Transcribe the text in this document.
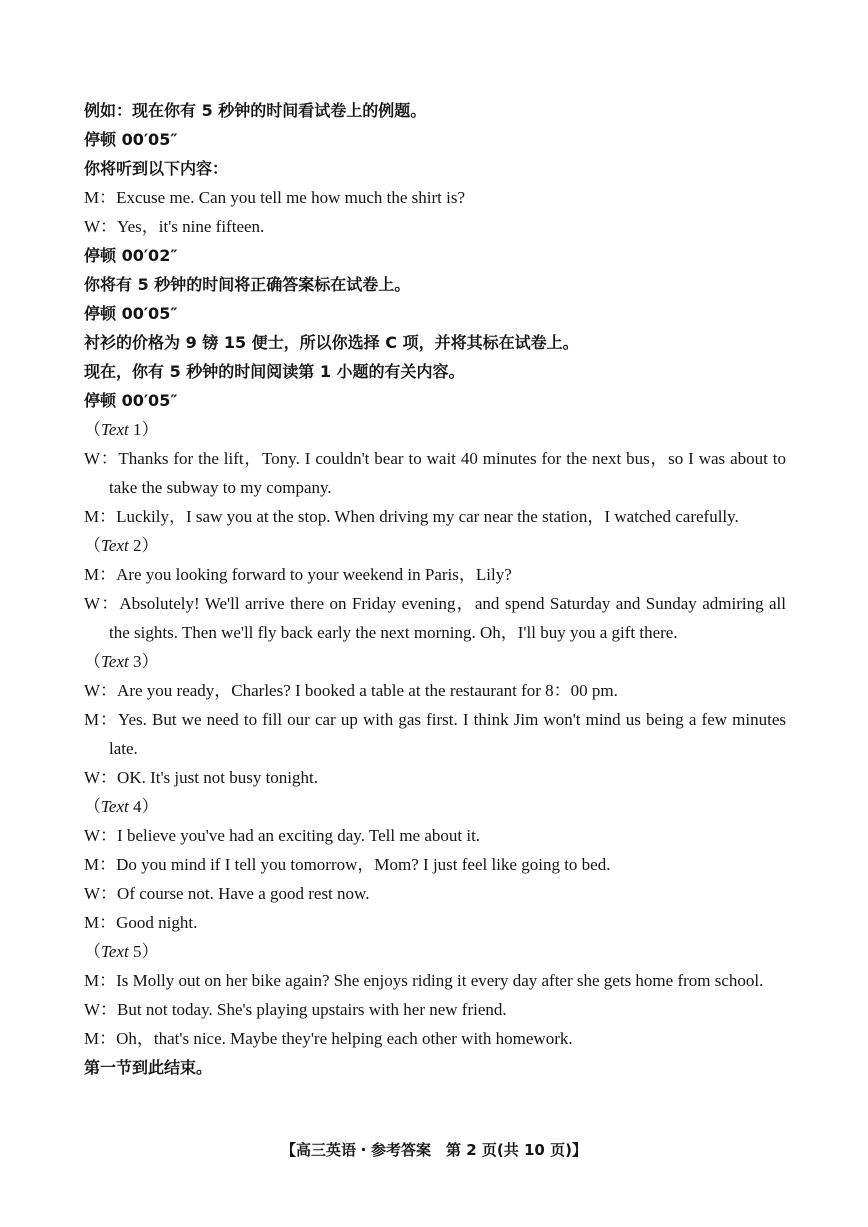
例如：现在你有 5 秒钟的时间看试卷上的例题。
停顿 00′05″
你将听到以下内容：
M：Excuse me. Can you tell me how much the shirt is?
W：Yes，it's nine fifteen.
停顿 00′02″
你将有 5 秒钟的时间将正确答案标在试卷上。
停顿 00′05″
衬衫的价格为 9 镑 15 便士，所以你选择 C 项，并将其标在试卷上。
现在，你有 5 秒钟的时间阅读第 1 小题的有关内容。
停顿 00′05″
（Text 1）
W：Thanks for the lift，Tony. I couldn't bear to wait 40 minutes for the next bus，so I was about to take the subway to my company.
M：Luckily，I saw you at the stop. When driving my car near the station，I watched carefully.
（Text 2）
M：Are you looking forward to your weekend in Paris，Lily?
W：Absolutely! We'll arrive there on Friday evening，and spend Saturday and Sunday admiring all the sights. Then we'll fly back early the next morning. Oh，I'll buy you a gift there.
（Text 3）
W：Are you ready，Charles? I booked a table at the restaurant for 8：00 pm.
M：Yes. But we need to fill our car up with gas first. I think Jim won't mind us being a few minutes late.
W：OK. It's just not busy tonight.
（Text 4）
W：I believe you've had an exciting day. Tell me about it.
M：Do you mind if I tell you tomorrow，Mom? I just feel like going to bed.
W：Of course not. Have a good rest now.
M：Good night.
（Text 5）
M：Is Molly out on her bike again? She enjoys riding it every day after she gets home from school.
W：But not today. She's playing upstairs with her new friend.
M：Oh，that's nice. Maybe they're helping each other with homework.
第一节到此结束。
【高三英语・参考答案　第 2 页(共 10 页)】
